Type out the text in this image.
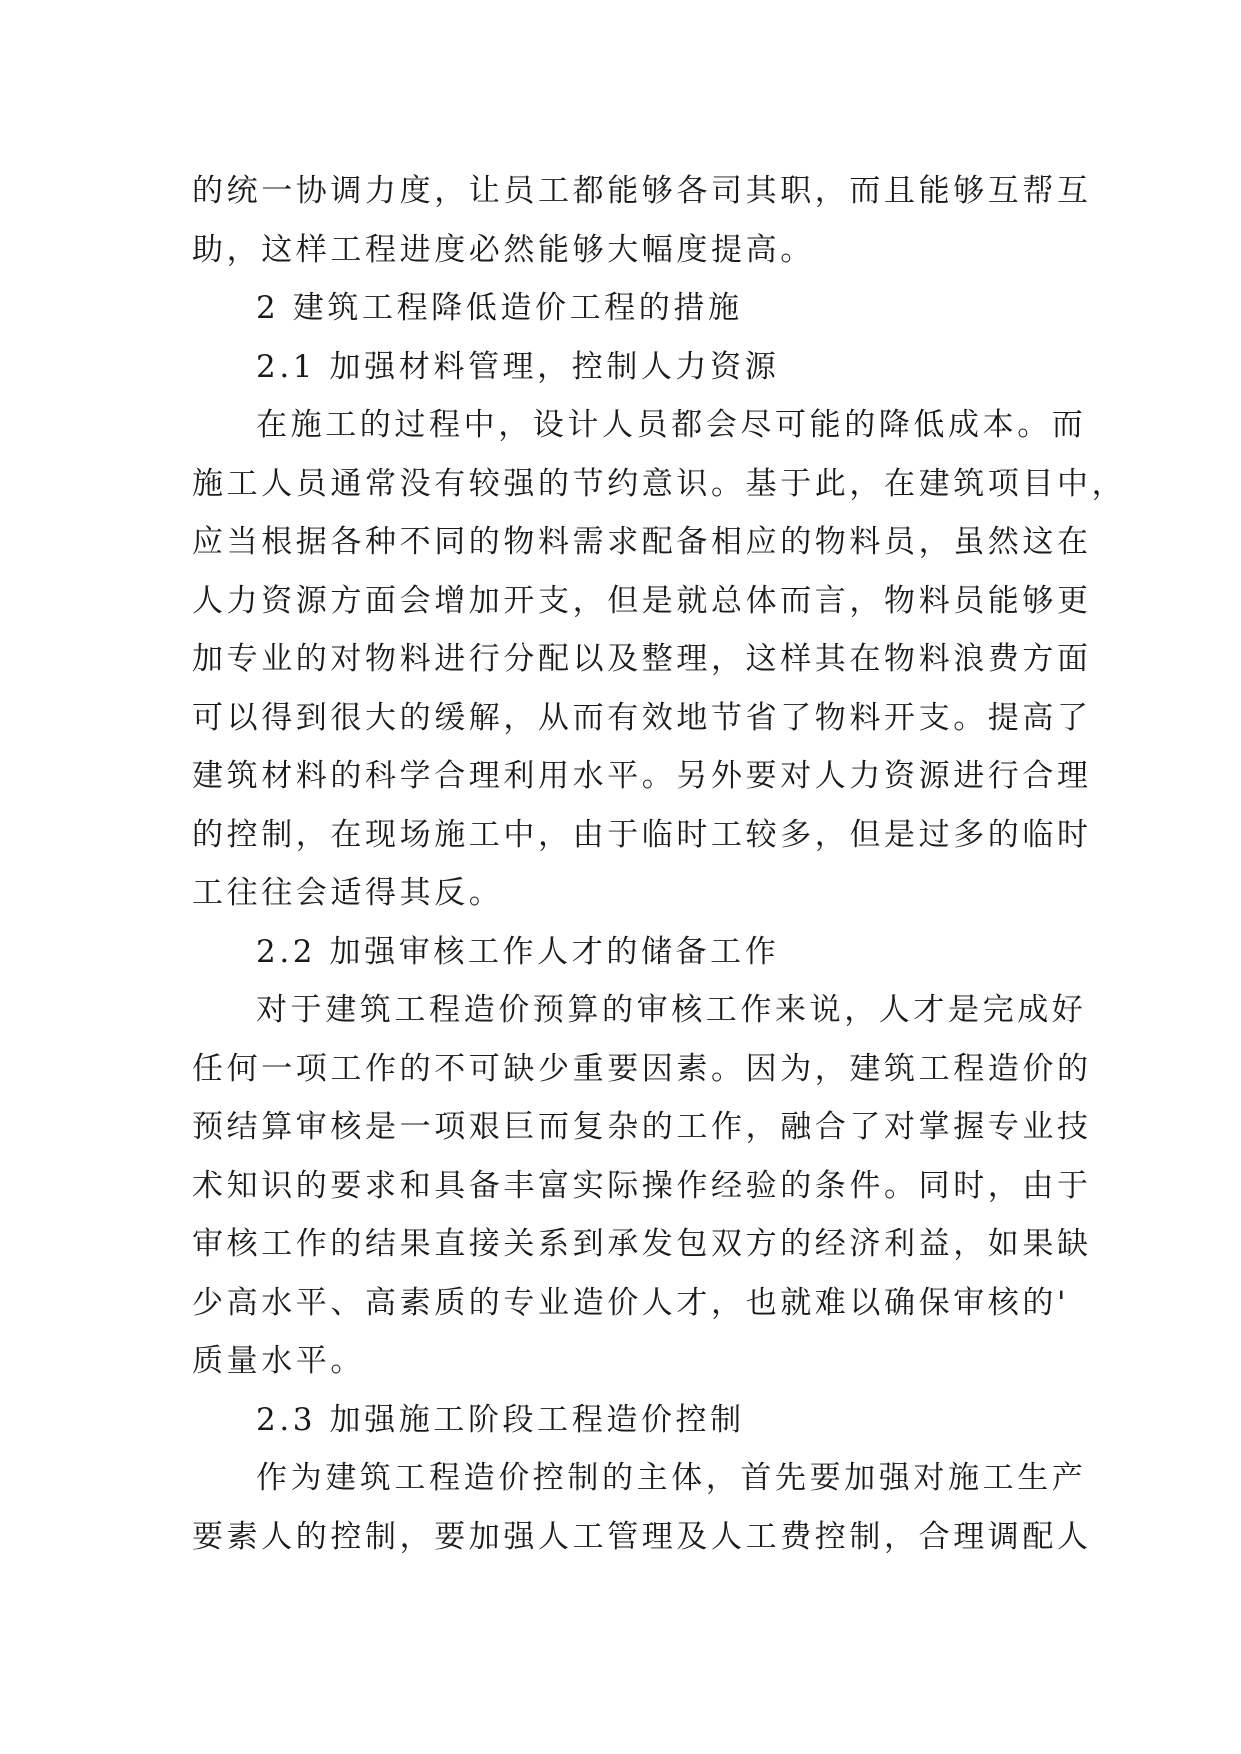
的统一协调力度，让员工都能够各司其职，而且能够互帮互
助，这样工程进度必然能够大幅度提高。
2 建筑工程降低造价工程的措施
2.1 加强材料管理，控制人力资源
在施工的过程中，设计人员都会尽可能的降低成本。而
施工人员通常没有较强的节约意识。基于此，在建筑项目中，
应当根据各种不同的物料需求配备相应的物料员，虽然这在
人力资源方面会增加开支，但是就总体而言，物料员能够更
加专业的对物料进行分配以及整理，这样其在物料浪费方面
可以得到很大的缓解，从而有效地节省了物料开支。提高了
建筑材料的科学合理利用水平。另外要对人力资源进行合理
的控制，在现场施工中，由于临时工较多，但是过多的临时
工往往会适得其反。
2.2 加强审核工作人才的储备工作
对于建筑工程造价预算的审核工作来说，人才是完成好
任何一项工作的不可缺少重要因素。因为，建筑工程造价的
预结算审核是一项艰巨而复杂的工作，融合了对掌握专业技
术知识的要求和具备丰富实际操作经验的条件。同时，由于
审核工作的结果直接关系到承发包双方的经济利益，如果缺
少高水平、高素质的专业造价人才，也就难以确保审核的'
质量水平。
2.3 加强施工阶段工程造价控制
作为建筑工程造价控制的主体，首先要加强对施工生产
要素人的控制，要加强人工管理及人工费控制，合理调配人
